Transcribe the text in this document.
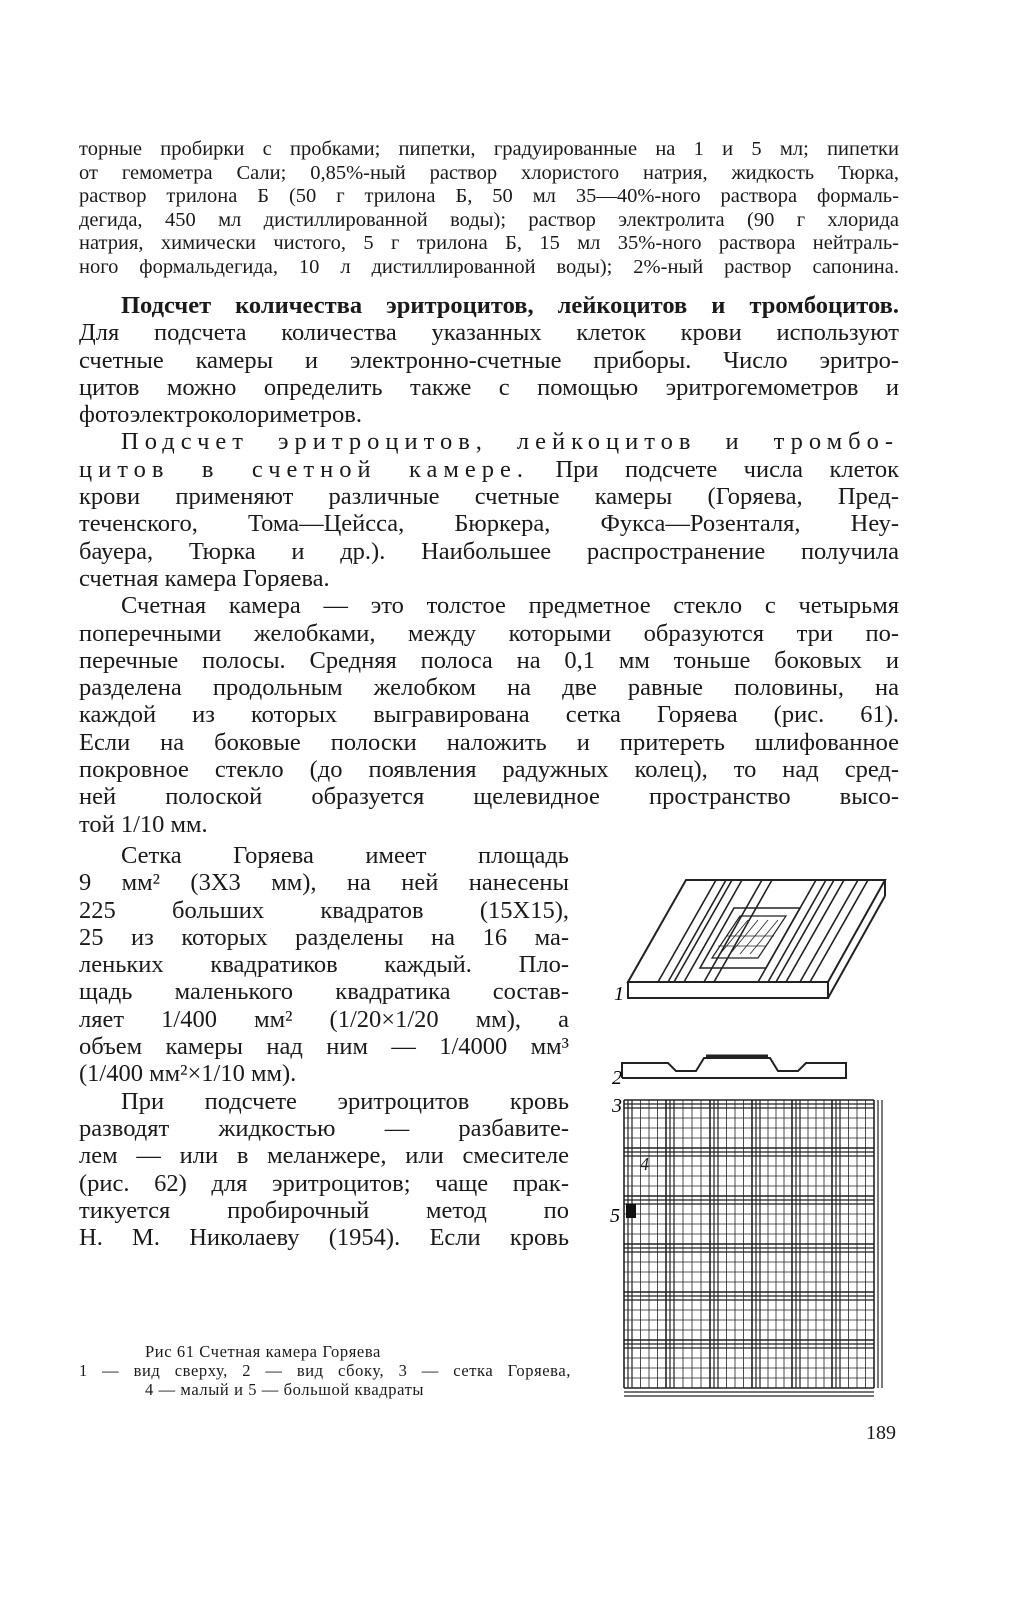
торные пробирки с пробками; пипетки, градуированные на 1 и 5 мл; пипетки
от гемометра Сали; 0,85%-ный раствор хлористого натрия, жидкость Тюрка,
раствор трилона Б (50 г трилона Б, 50 мл 35—40%-ного раствора формаль-
дегида, 450 мл дистиллированной воды); раствор электролита (90 г хлорида
натрия, химически чистого, 5 г трилона Б, 15 мл 35%-ного раствора нейтраль-
ного формальдегида, 10 л дистиллированной воды); 2%-ный раствор сапонина.
Подсчет количества эритроцитов, лейкоцитов и тромбоцитов.
Для подсчета количества указанных клеток крови используют
счетные камеры и электронно-счетные приборы. Число эритро-
цитов можно определить также с помощью эритрогемометров и
фотоэлектроколориметров.
Подсчет эритроцитов, лейкоцитов и тромбо-
цитов в счетной камере. При подсчете числа клеток
крови применяют различные счетные камеры (Горяева, Пред-
теченского, Тома—Цейсса, Бюркера, Фукса—Розенталя, Неу-
бауера, Тюрка и др.). Наибольшее распространение получила
счетная камера Горяева.
Счетная камера — это толстое предметное стекло с четырьмя
поперечными желобками, между которыми образуются три по-
перечные полосы. Средняя полоса на 0,1 мм тоньше боковых и
разделена продольным желобком на две равные половины, на
каждой из которых выгравирована сетка Горяева (рис. 61).
Если на боковые полоски наложить и притереть шлифованное
покровное стекло (до появления радужных колец), то над сред-
ней полоской образуется щелевидное пространство высо-
той 1/10 мм.
Сетка Горяева имеет площадь
9 мм² (3Х3 мм), на ней нанесены
225 больших квадратов (15Х15),
25 из которых разделены на 16 ма-
леньких квадратиков каждый. Пло-
щадь маленького квадратика состав-
ляет 1/400 мм² (1/20×1/20 мм), а
объем камеры над ним — 1/4000 мм³
(1/400 мм²×1/10 мм).
При подсчете эритроцитов кровь
разводят жидкостью — разбавите-
лем — или в меланжере, или смесителе
(рис. 62) для эритроцитов; чаще прак-
тикуется пробирочный метод по
Н. М. Николаеву (1954). Если кровь
1
2
3
4
5
Рис 61 Счетная камера Горяева
1 — вид сверху, 2 — вид сбоку, 3 — сетка Горяева,
4 — малый и 5 — большой квадраты
189
